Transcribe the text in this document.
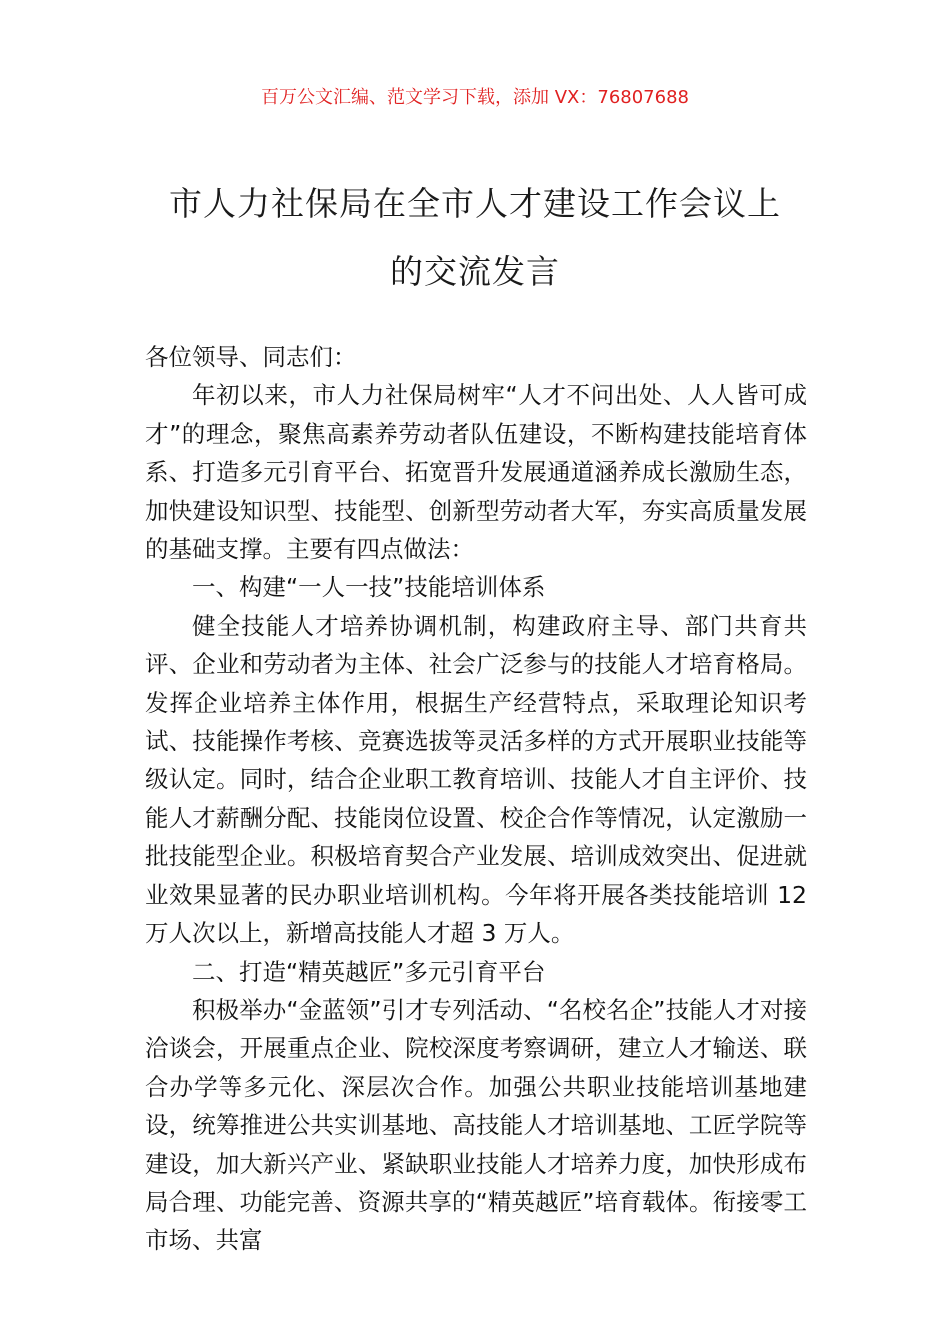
百万公文汇编、范文学习下载，添加 VX：76807688
市人力社保局在全市人才建设工作会议上
的交流发言

各位领导、同志们：

年初以来，市人力社保局树牢“人才不问出处、人人皆可成才”的理念，聚焦高素养劳动者队伍建设，不断构建技能培育体系、打造多元引育平台、拓宽晋升发展通道涵养成长激励生态，加快建设知识型、技能型、创新型劳动者大军，夯实高质量发展的基础支撑。主要有四点做法：

一、构建“一人一技”技能培训体系

健全技能人才培养协调机制，构建政府主导、部门共育共评、企业和劳动者为主体、社会广泛参与的技能人才培育格局。发挥企业培养主体作用，根据生产经营特点，采取理论知识考试、技能操作考核、竞赛选拔等灵活多样的方式开展职业技能等级认定。同时，结合企业职工教育培训、技能人才自主评价、技能人才薪酬分配、技能岗位设置、校企合作等情况，认定激励一批技能型企业。积极培育契合产业发展、培训成效突出、促进就业效果显著的民办职业培训机构。今年将开展各类技能培训 12 万人次以上，新增高技能人才超 3 万人。

二、打造“精英越匠”多元引育平台

积极举办“金蓝领”引才专列活动、“名校名企”技能人才对接洽谈会，开展重点企业、院校深度考察调研，建立人才输送、联合办学等多元化、深层次合作。加强公共职业技能培训基地建设，统筹推进公共实训基地、高技能人才培训基地、工匠学院等建设，加大新兴产业、紧缺职业技能人才培养力度，加快形成布局合理、功能完善、资源共享的“精英越匠”培育载体。衔接零工市场、共富
